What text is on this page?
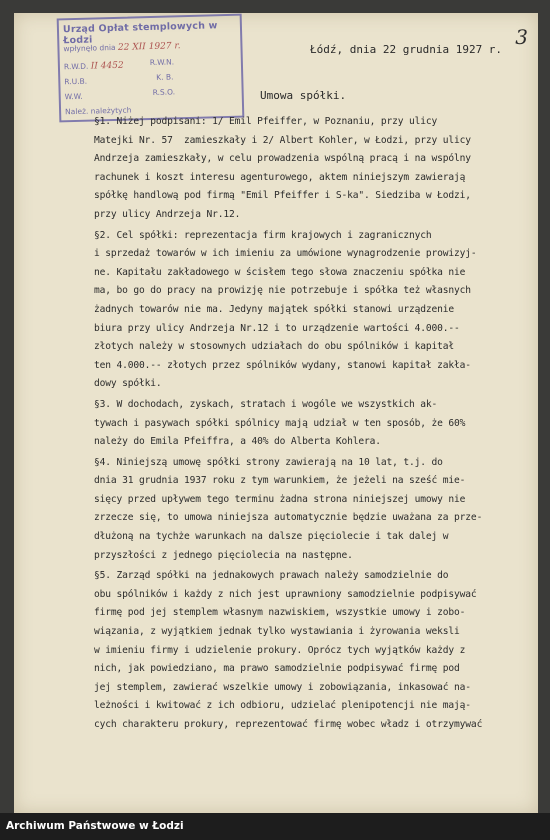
Urząd Opłat stemplowych w Łodzi
wpłynęło dnia 22 XII 1927 r.
R.W.D. II 4452
R.U.B.
W.W.
R.W.N.
K. B.
R.S.O.
Należ. należytych
3
Łódź, dnia 22 grudnia 1927 r.
Umowa spółki.
§1. Niżej podpisani: 1/ Emil Pfeiffer, w Poznaniu, przy ulicy
Matejki Nr. 57  zamieszkały i 2/ Albert Kohler, w Łodzi, przy ulicy
Andrzeja zamieszkały, w celu prowadzenia wspólną pracą i na wspólny
rachunek i koszt interesu agenturowego, aktem niniejszym zawierają
spółkę handlową pod firmą "Emil Pfeiffer i S-ka". Siedziba w Łodzi,
przy ulicy Andrzeja Nr.12.
§2. Cel spółki: reprezentacja firm krajowych i zagranicznych
i sprzedaż towarów w ich imieniu za umówione wynagrodzenie prowizyj-
ne. Kapitału zakładowego w ścisłem tego słowa znaczeniu spółka nie
ma, bo go do pracy na prowizję nie potrzebuje i spółka też własnych
żadnych towarów nie ma. Jedyny majątek spółki stanowi urządzenie
biura przy ulicy Andrzeja Nr.12 i to urządzenie wartości 4.000.--
złotych należy w stosownych udziałach do obu spólników i kapitał
ten 4.000.-- złotych przez spólników wydany, stanowi kapitał zakła-
dowy spółki.
§3. W dochodach, zyskach, stratach i wogóle we wszystkich ak-
tywach i pasywach spółki spólnicy mają udział w ten sposób, że 60%
należy do Emila Pfeiffra, a 40% do Alberta Kohlera.
§4. Niniejszą umowę spółki strony zawierają na 10 lat, t.j. do
dnia 31 grudnia 1937 roku z tym warunkiem, że jeżeli na sześć mie-
sięcy przed upływem tego terminu żadna strona niniejszej umowy nie
zrzecze się, to umowa niniejsza automatycznie będzie uważana za prze-
dłużoną na tychże warunkach na dalsze pięciolecie i tak dalej w
przyszłości z jednego pięciolecia na następne.
§5. Zarząd spółki na jednakowych prawach należy samodzielnie do
obu spólników i każdy z nich jest uprawniony samodzielnie podpisywać
firmę pod jej stemplem własnym nazwiskiem, wszystkie umowy i zobo-
wiązania, z wyjątkiem jednak tylko wystawiania i żyrowania weksli
w imieniu firmy i udzielenie prokury. Oprócz tych wyjątków każdy z
nich, jak powiedziano, ma prawo samodzielnie podpisywać firmę pod
jej stemplem, zawierać wszelkie umowy i zobowiązania, inkasować na-
leżności i kwitować z ich odbioru, udzielać plenipotencji nie mają-
cych charakteru prokury, reprezentować firmę wobec władz i otrzymywać
Archiwum Państwowe w Łodzi
